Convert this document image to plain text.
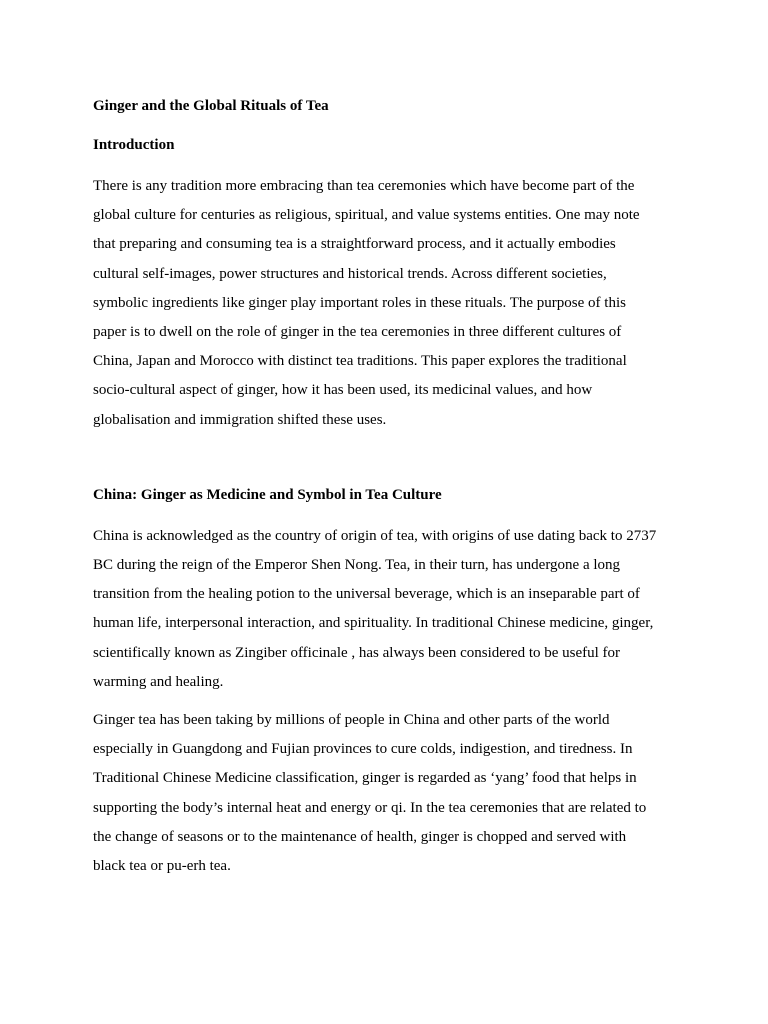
Ginger and the Global Rituals of Tea
Introduction

There is any tradition more embracing than tea ceremonies which have become part of the
global culture for centuries as religious, spiritual, and value systems entities. One may note
that preparing and consuming tea is a straightforward process, and it actually embodies
cultural self-images, power structures and historical trends. Across different societies,
symbolic ingredients like ginger play important roles in these rituals. The purpose of this
paper is to dwell on the role of ginger in the tea ceremonies in three different cultures of
China, Japan and Morocco with distinct tea traditions. This paper explores the traditional
socio-cultural aspect of ginger, how it has been used, its medicinal values, and how
globalisation and immigration shifted these uses.

China: Ginger as Medicine and Symbol in Tea Culture

China is acknowledged as the country of origin of tea, with origins of use dating back to 2737
BC during the reign of the Emperor Shen Nong. Tea, in their turn, has undergone a long
transition from the healing potion to the universal beverage, which is an inseparable part of
human life, interpersonal interaction, and spirituality. In traditional Chinese medicine, ginger,
scientifically known as Zingiber officinale , has always been considered to be useful for
warming and healing.

Ginger tea has been taking by millions of people in China and other parts of the world
especially in Guangdong and Fujian provinces to cure colds, indigestion, and tiredness. In
Traditional Chinese Medicine classification, ginger is regarded as ‘yang’ food that helps in
supporting the body’s internal heat and energy or qi. In the tea ceremonies that are related to
the change of seasons or to the maintenance of health, ginger is chopped and served with
black tea or pu-erh tea.
